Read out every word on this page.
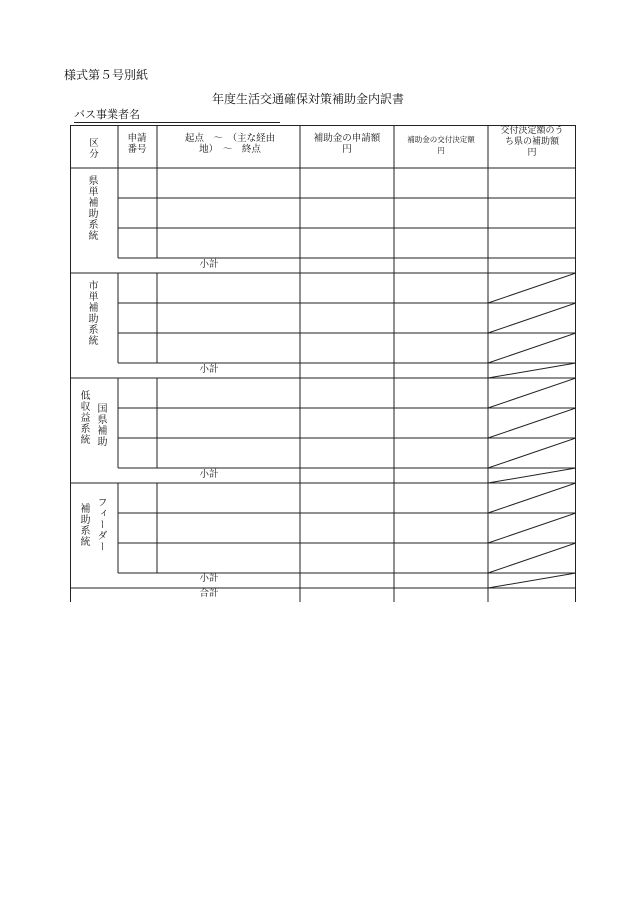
様式第５号別紙
年度生活交通確保対策補助金内訳書
バス事業者名
区
分
申請
番号
起点　～　（主な経由
地）　～　終点
補助金の申請額
円
補助金の交付決定額
円
交付決定額のう
ち県の補助額
円
県単補助系統
小計
市単補助系統
小計
低収益系統 国県補助
小計
補助系統 フィーダー
小計
合計
